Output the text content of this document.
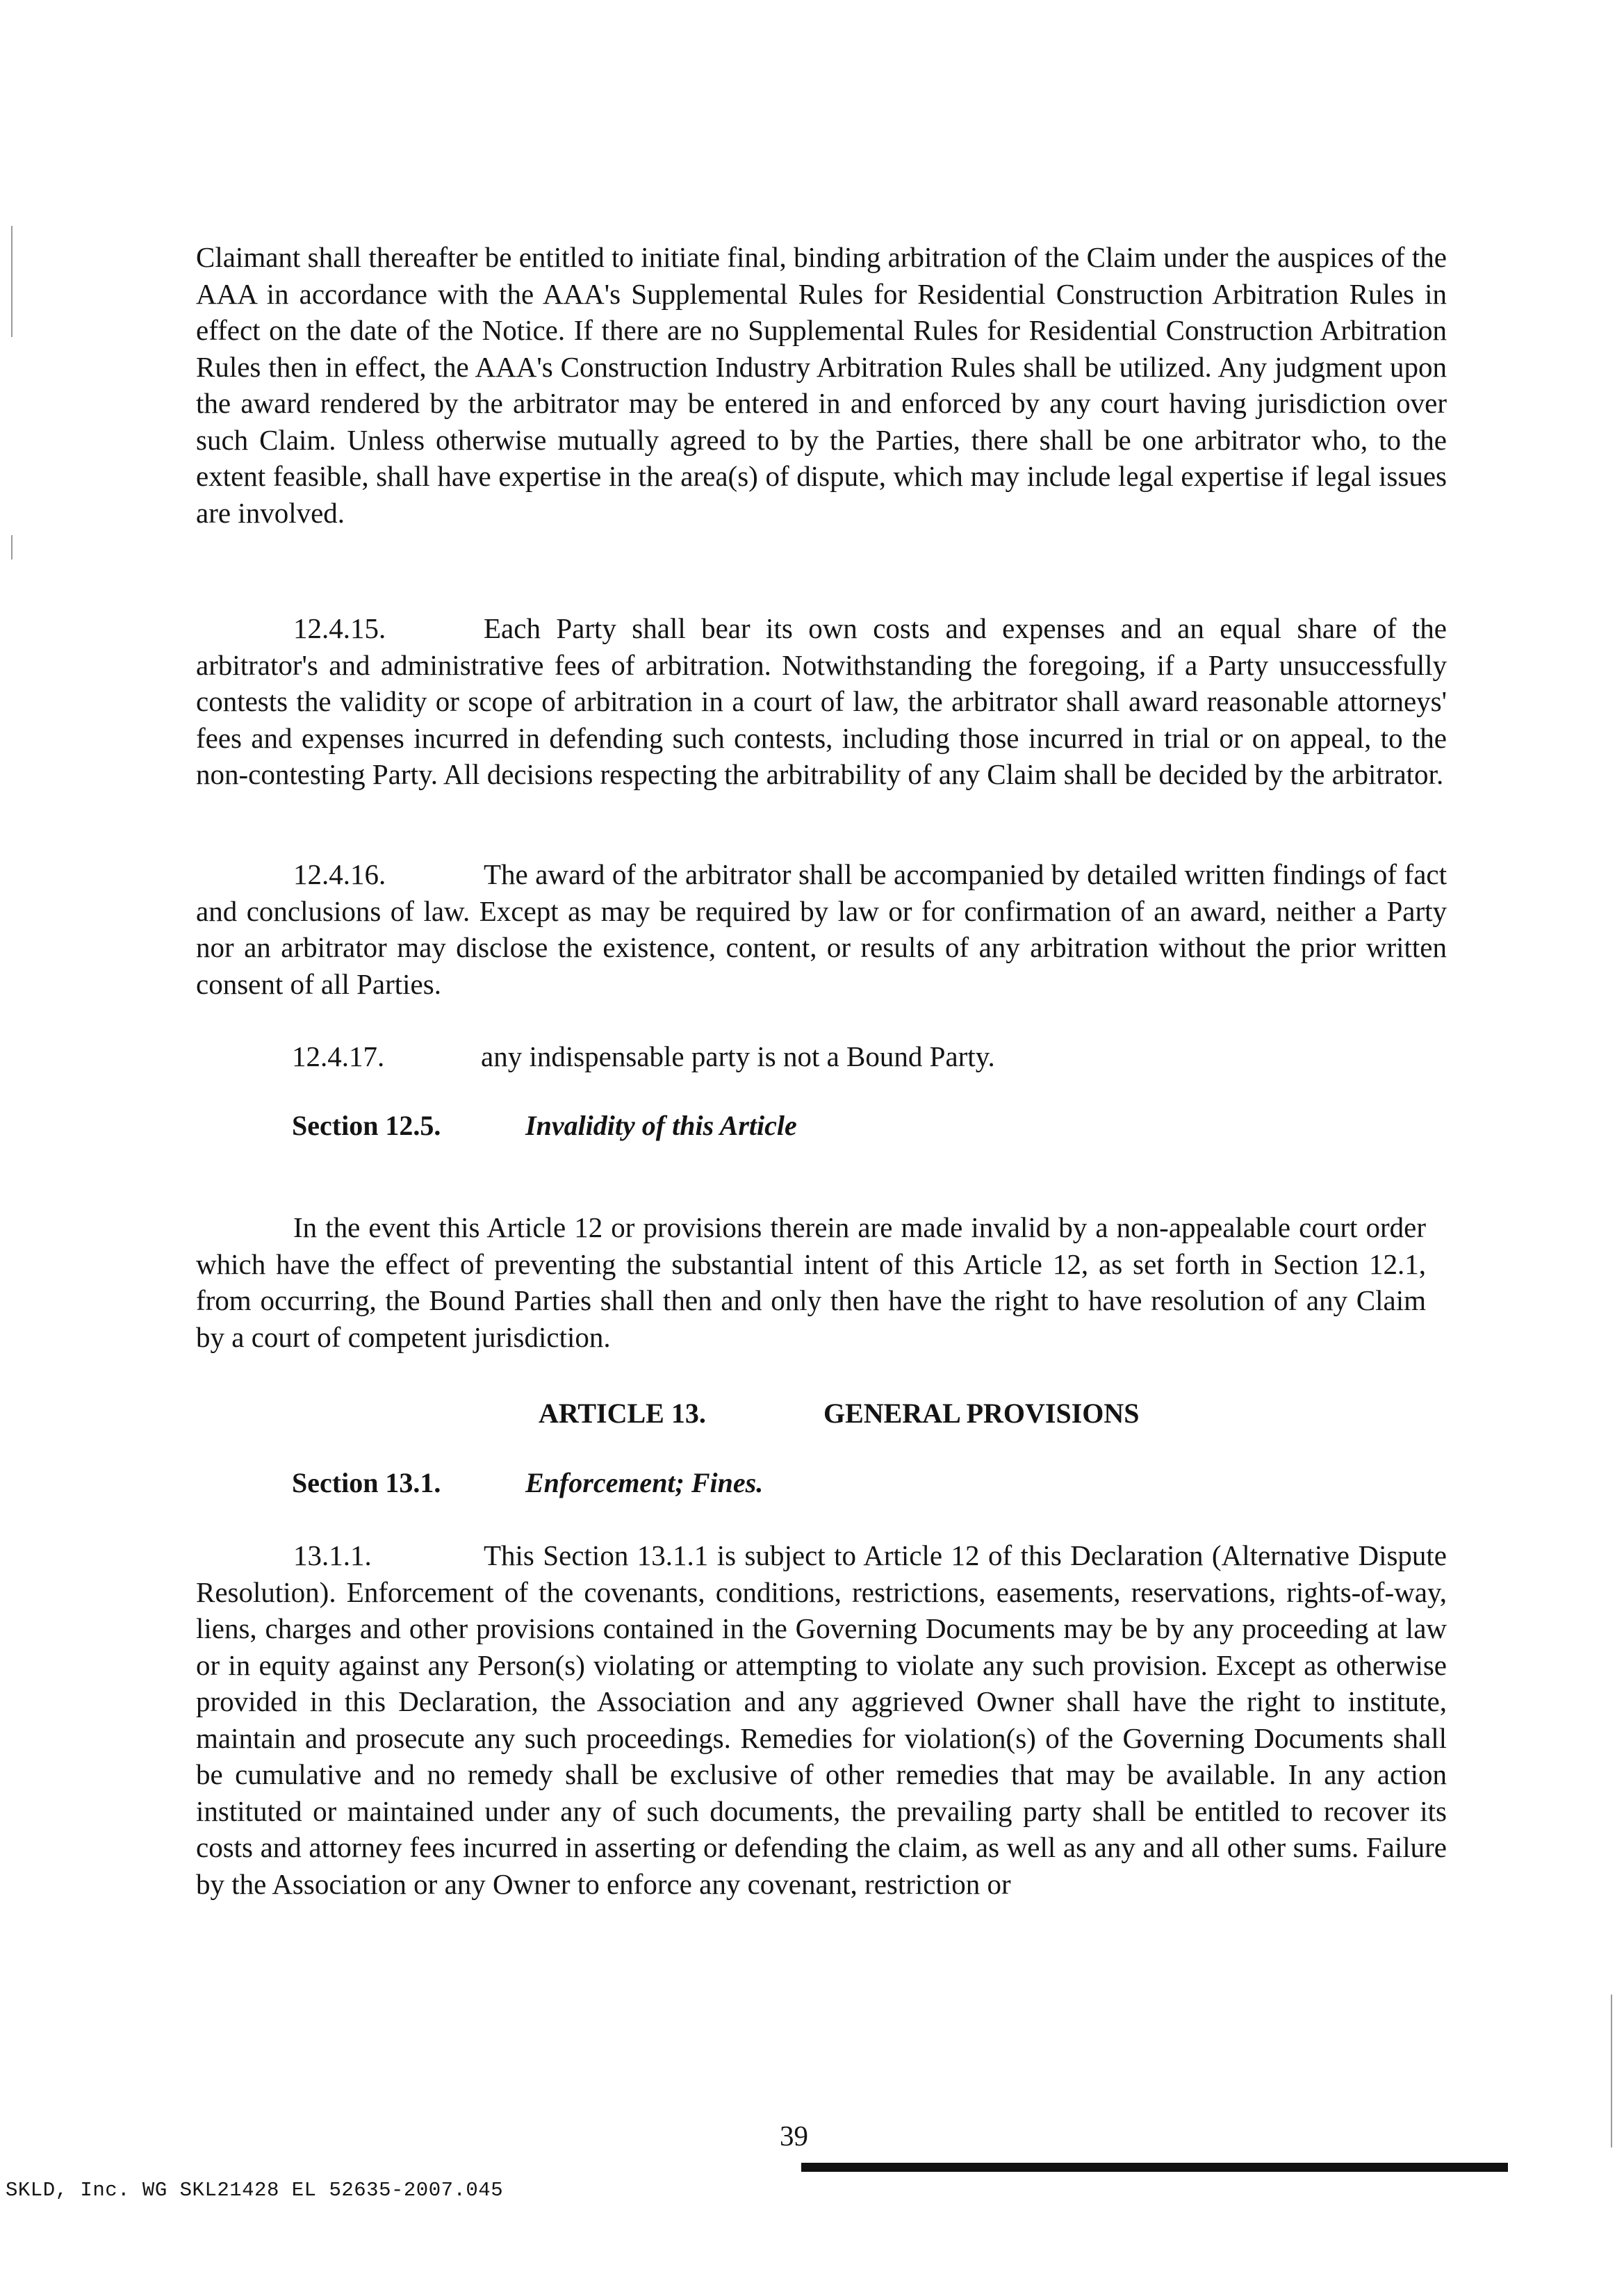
Claimant shall thereafter be entitled to initiate final, binding arbitration of the Claim under the auspices of the AAA in accordance with the AAA's Supplemental Rules for Residential Construction Arbitration Rules in effect on the date of the Notice. If there are no Supplemental Rules for Residential Construction Arbitration Rules then in effect, the AAA's Construction Industry Arbitration Rules shall be utilized. Any judgment upon the award rendered by the arbitrator may be entered in and enforced by any court having jurisdiction over such Claim. Unless otherwise mutually agreed to by the Parties, there shall be one arbitrator who, to the extent feasible, shall have expertise in the area(s) of dispute, which may include legal expertise if legal issues are involved.

12.4.15.	Each Party shall bear its own costs and expenses and an equal share of the arbitrator's and administrative fees of arbitration. Notwithstanding the foregoing, if a Party unsuccessfully contests the validity or scope of arbitration in a court of law, the arbitrator shall award reasonable attorneys' fees and expenses incurred in defending such contests, including those incurred in trial or on appeal, to the non-contesting Party. All decisions respecting the arbitrability of any Claim shall be decided by the arbitrator.

12.4.16.	The award of the arbitrator shall be accompanied by detailed written findings of fact and conclusions of law. Except as may be required by law or for confirmation of an award, neither a Party nor an arbitrator may disclose the existence, content, or results of any arbitration without the prior written consent of all Parties.

12.4.17.	any indispensable party is not a Bound Party.
Section 12.5.	Invalidity of this Article

In the event this Article 12 or provisions therein are made invalid by a non-appealable court order which have the effect of preventing the substantial intent of this Article 12, as set forth in Section 12.1, from occurring, the Bound Parties shall then and only then have the right to have resolution of any Claim by a court of competent jurisdiction.

ARTICLE 13.	GENERAL PROVISIONS
Section 13.1.	Enforcement; Fines.

13.1.1.	This Section 13.1.1 is subject to Article 12 of this Declaration (Alternative Dispute Resolution). Enforcement of the covenants, conditions, restrictions, easements, reservations, rights-of-way, liens, charges and other provisions contained in the Governing Documents may be by any proceeding at law or in equity against any Person(s) violating or attempting to violate any such provision. Except as otherwise provided in this Declaration, the Association and any aggrieved Owner shall have the right to institute, maintain and prosecute any such proceedings. Remedies for violation(s) of the Governing Documents shall be cumulative and no remedy shall be exclusive of other remedies that may be available. In any action instituted or maintained under any of such documents, the prevailing party shall be entitled to recover its costs and attorney fees incurred in asserting or defending the claim, as well as any and all other sums. Failure by the Association or any Owner to enforce any covenant, restriction or

39
SKLD, Inc. WG SKL21428 EL 52635-2007.045
